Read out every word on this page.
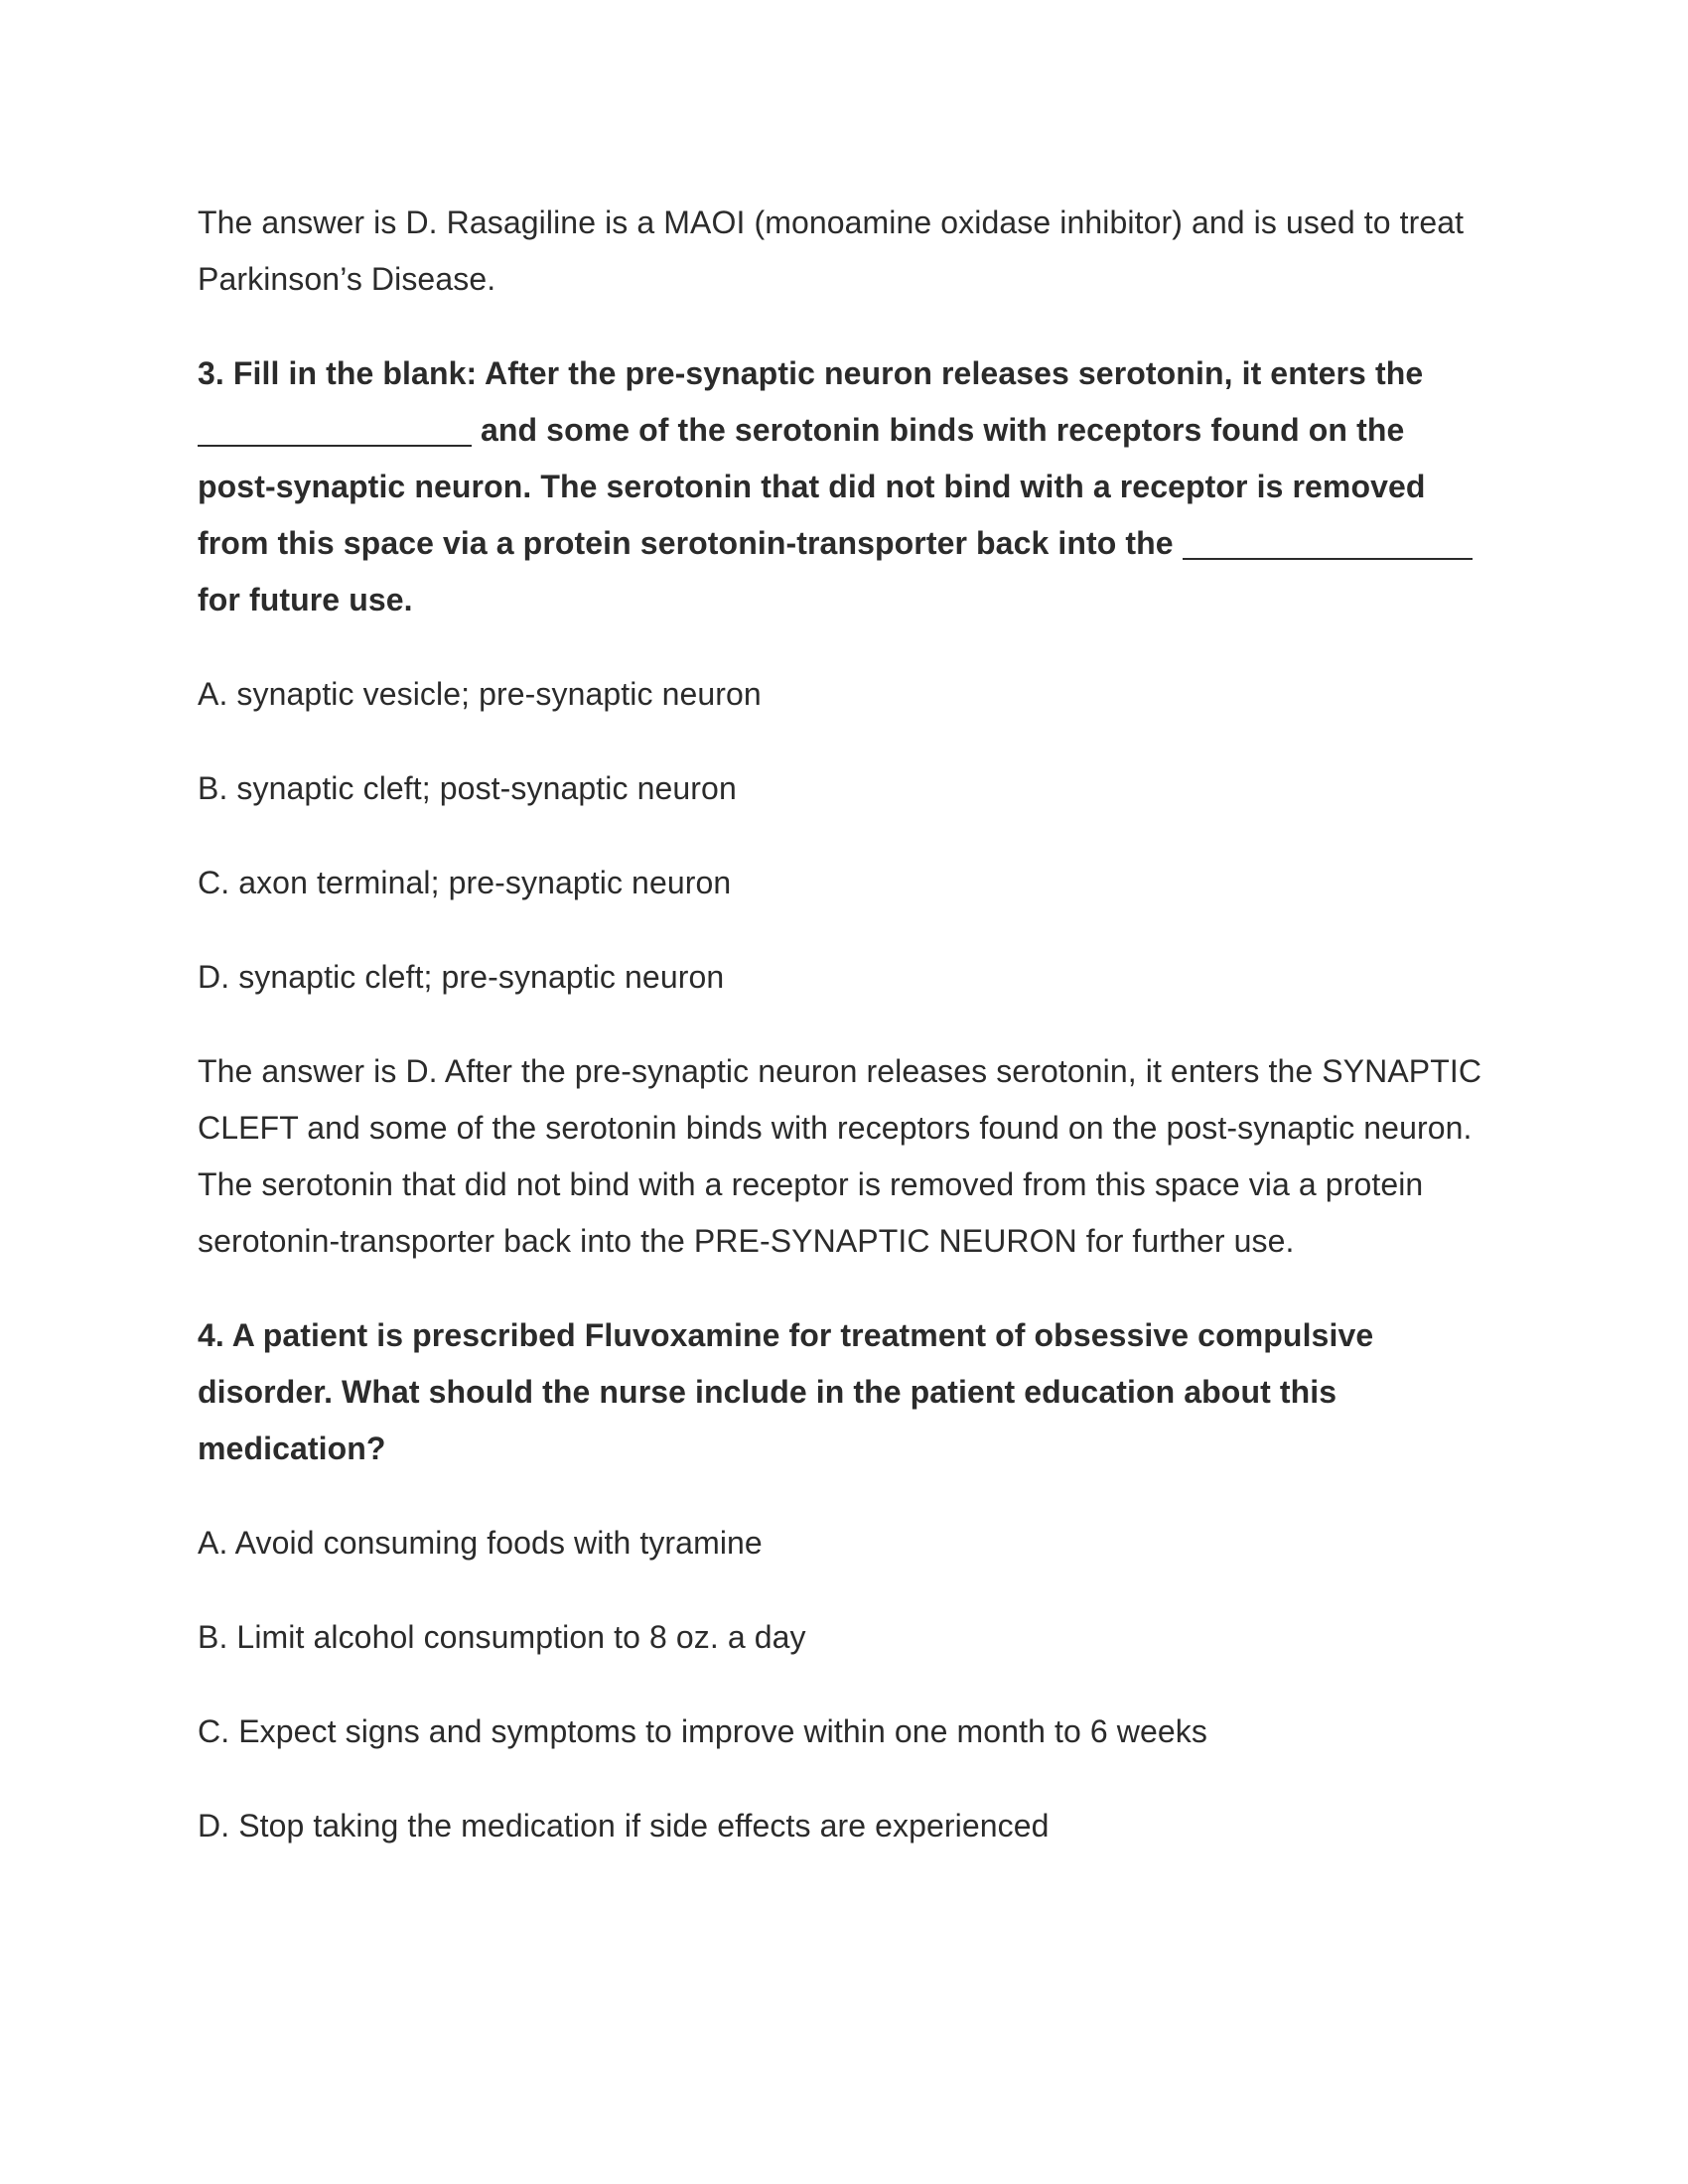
The answer is D. Rasagiline is a MAOI (monoamine oxidase inhibitor) and is used to treat Parkinson’s Disease.

3. Fill in the blank: After the pre-synaptic neuron releases serotonin, it enters the  and some of the serotonin binds with receptors found on the post-synaptic neuron. The serotonin that did not bind with a receptor is removed from this space via a protein serotonin-transporter back into the  for future use.

A. synaptic vesicle; pre-synaptic neuron

B. synaptic cleft; post-synaptic neuron

C. axon terminal; pre-synaptic neuron

D. synaptic cleft; pre-synaptic neuron

The answer is D. After the pre-synaptic neuron releases serotonin, it enters the SYNAPTIC CLEFT and some of the serotonin binds with receptors found on the post-synaptic neuron. The serotonin that did not bind with a receptor is removed from this space via a protein serotonin-transporter back into the PRE-SYNAPTIC NEURON for further use.

4. A patient is prescribed Fluvoxamine for treatment of obsessive compulsive disorder. What should the nurse include in the patient education about this medication?

A. Avoid consuming foods with tyramine

B. Limit alcohol consumption to 8 oz. a day

C. Expect signs and symptoms to improve within one month to 6 weeks

D. Stop taking the medication if side effects are experienced
